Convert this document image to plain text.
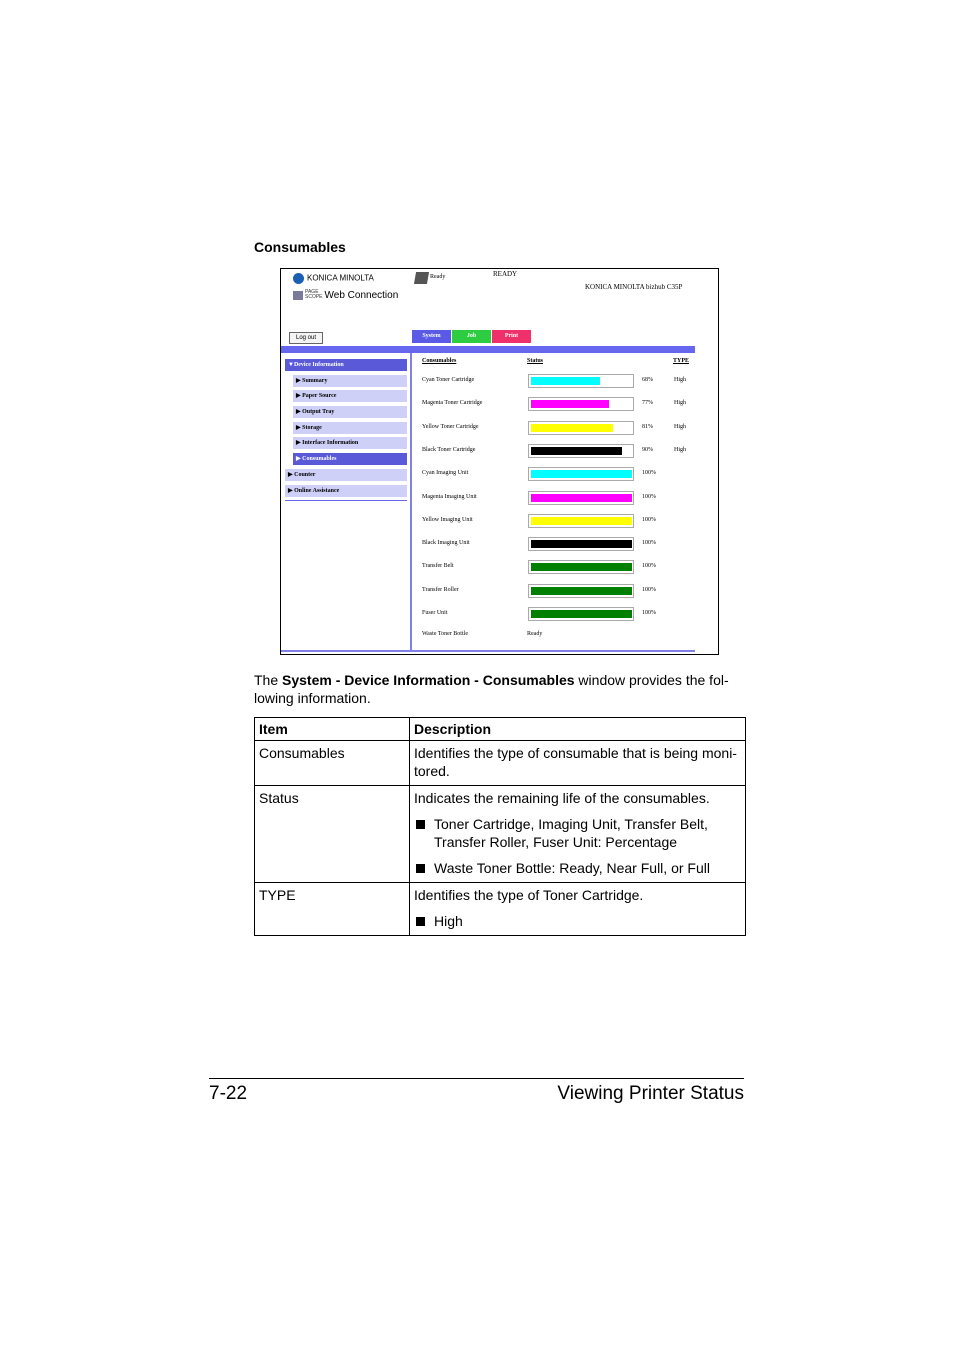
Consumables
KONICA MINOLTA
PAGE
SCOPE Web Connection
Ready	READY
KONICA MINOLTA bizhub C35P
Log out	System	Job	Print
▼Device Information
▶ Summary
▶ Paper Source
▶ Output Tray
▶ Storage
▶ Interface Information
▶ Consumables
▶ Counter
▶ Online Assistance
Consumables	Status	TYPE
Cyan Toner Cartridge	68%	High
Magenta Toner Cartridge	77%	High
Yellow Toner Cartridge	81%	High
Black Toner Cartridge	90%	High
Cyan Imaging Unit	100%
Magenta Imaging Unit	100%
Yellow Imaging Unit	100%
Black Imaging Unit	100%
Transfer Belt	100%
Transfer Roller	100%
Fuser Unit	100%
Waste Toner Bottle	Ready
The System - Device Information - Consumables window provides the fol-lowing information.
Item	Description
Consumables	Identifies the type of consumable that is being moni-tored.

Status	Indicates the remaining life of the consumables.
Toner Cartridge, Imaging Unit, Transfer Belt, Transfer Roller, Fuser Unit: Percentage
Waste Toner Bottle: Ready, Near Full, or Full

TYPE	Identifies the type of Toner Cartridge.
High
7-22	Viewing Printer Status
